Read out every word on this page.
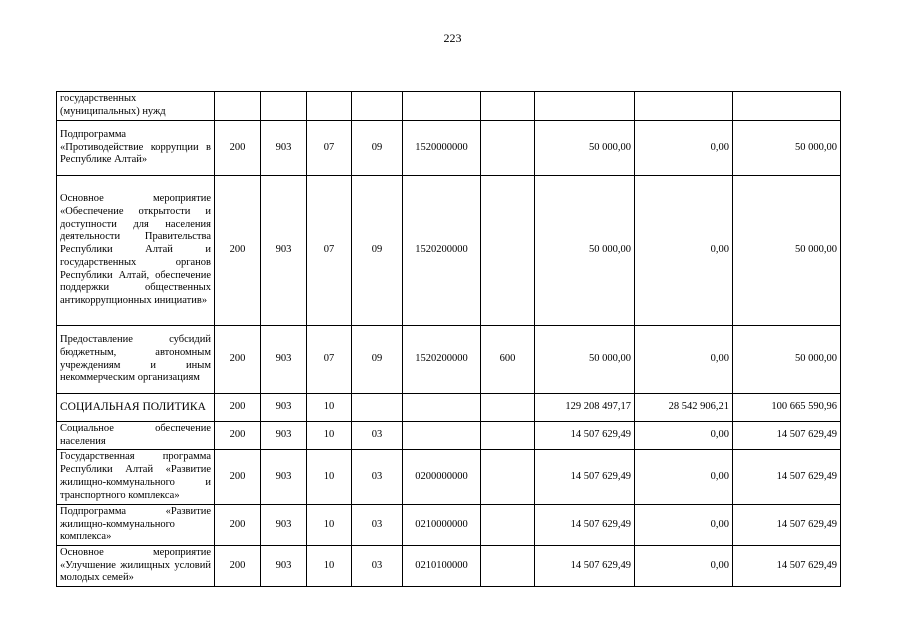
223
государственных (муниципальных) нужд									
Подпрограмма «Противодействие коррупции в Республике Алтай»	200	903	07	09	1520000000		50 000,00	0,00	50 000,00
Основное мероприятие «Обеспечение открытости и доступности для населения деятельности Правительства Республики Алтай и государственных органов Республики Алтай, обеспечение поддержки общественных антикоррупционных инициатив»	200	903	07	09	1520200000		50 000,00	0,00	50 000,00
Предоставление субсидий бюджетным, автономным учреждениям и иным некоммерческим организациям	200	903	07	09	1520200000	600	50 000,00	0,00	50 000,00
СОЦИАЛЬНАЯ ПОЛИТИКА	200	903	10				129 208 497,17	28 542 906,21	100 665 590,96
Социальное обеспечение населения	200	903	10	03			14 507 629,49	0,00	14 507 629,49
Государственная программа Республики Алтай «Развитие жилищно-коммунального и транспортного комплекса»	200	903	10	03	0200000000		14 507 629,49	0,00	14 507 629,49
Подпрограмма «Развитие жилищно-коммунального комплекса»	200	903	10	03	0210000000		14 507 629,49	0,00	14 507 629,49
Основное мероприятие «Улучшение жилищных условий молодых семей»	200	903	10	03	0210100000		14 507 629,49	0,00	14 507 629,49
